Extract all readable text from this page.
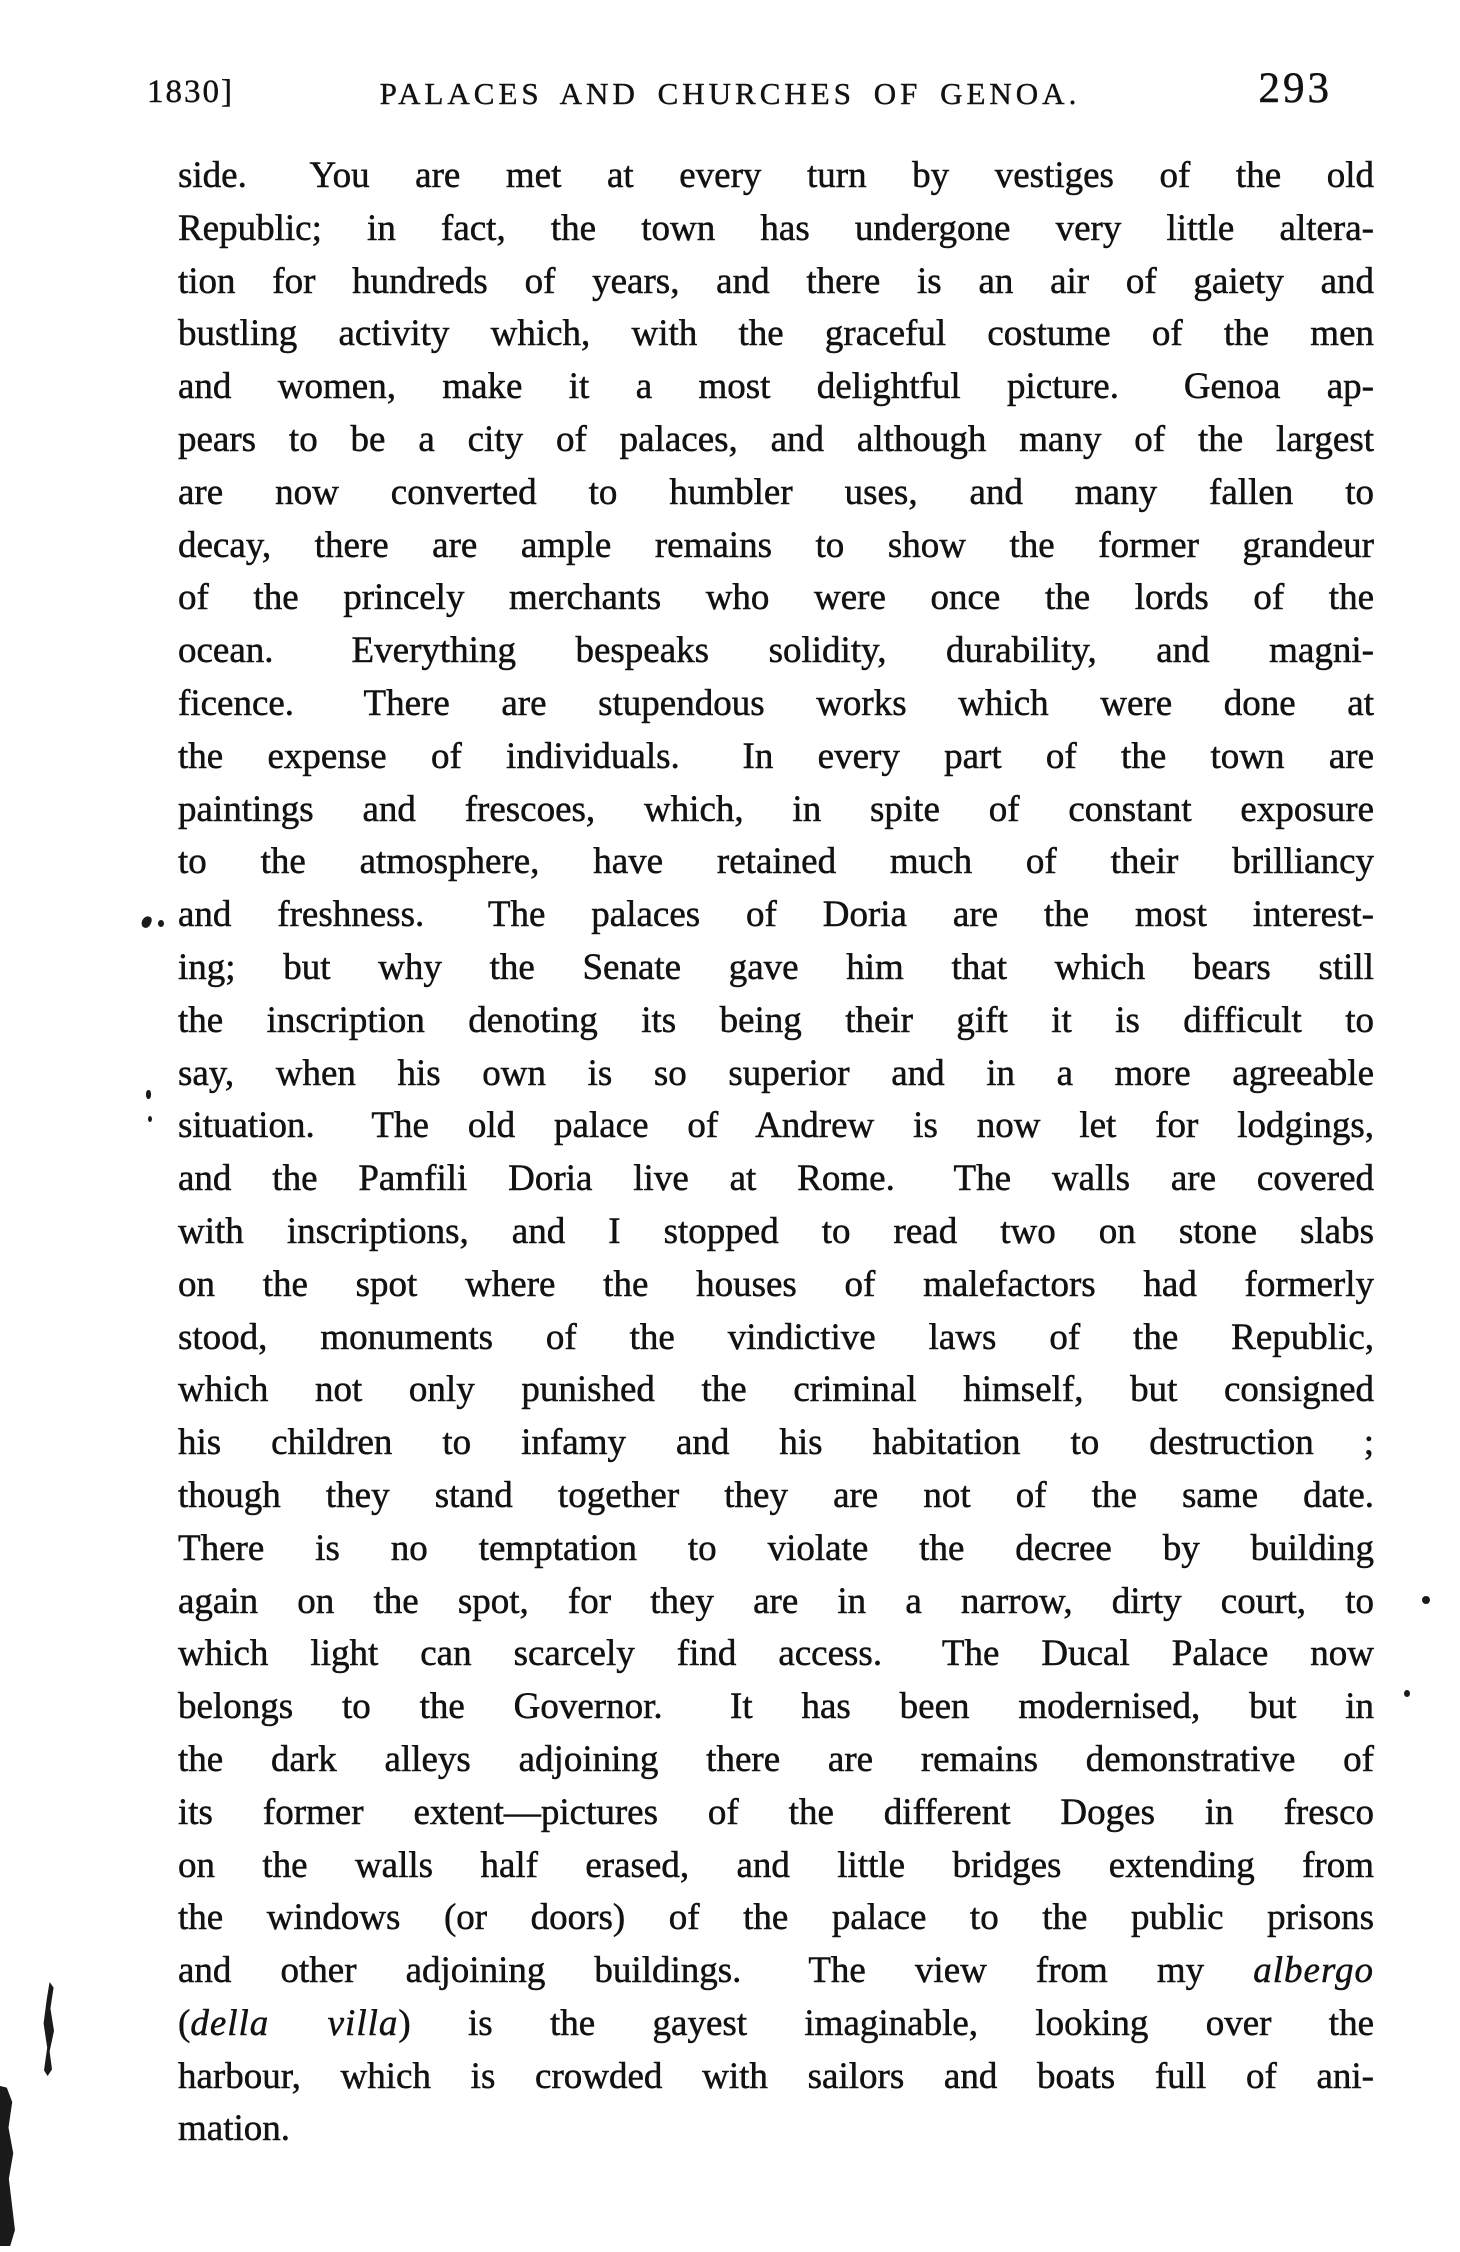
1830]	PALACES AND CHURCHES OF GENOA.	293
side.  You are met at every turn by vestiges of the old
Republic; in fact, the town has undergone very little altera-
tion for hundreds of years, and there is an air of gaiety and
bustling activity which, with the graceful costume of the men
and women, make it a most delightful picture.  Genoa ap-
pears to be a city of palaces, and although many of the largest
are now converted to humbler uses, and many fallen to
decay, there are ample remains to show the former grandeur
of the princely merchants who were once the lords of the
ocean.  Everything bespeaks solidity, durability, and magni-
ficence.  There are stupendous works which were done at
the expense of individuals.  In every part of the town are
paintings and frescoes, which, in spite of constant exposure
to the atmosphere, have retained much of their brilliancy
and freshness.  The palaces of Doria are the most interest-
ing; but why the Senate gave him that which bears still
the inscription denoting its being their gift it is difficult to
say, when his own is so superior and in a more agreeable
situation.  The old palace of Andrew is now let for lodgings,
and the Pamfili Doria live at Rome.  The walls are covered
with inscriptions, and I stopped to read two on stone slabs
on the spot where the houses of malefactors had formerly
stood, monuments of the vindictive laws of the Republic,
which not only punished the criminal himself, but consigned
his children to infamy and his habitation to destruction ;
though they stand together they are not of the same date.
There is no temptation to violate the decree by building
again on the spot, for they are in a narrow, dirty court, to
which light can scarcely find access.  The Ducal Palace now
belongs to the Governor.  It has been modernised, but in
the dark alleys adjoining there are remains demonstrative of
its former extent—pictures of the different Doges in fresco
on the walls half erased, and little bridges extending from
the windows (or doors) of the palace to the public prisons
and other adjoining buildings.  The view from my albergo
(della villa) is the gayest imaginable, looking over the
harbour, which is crowded with sailors and boats full of ani-
mation.
